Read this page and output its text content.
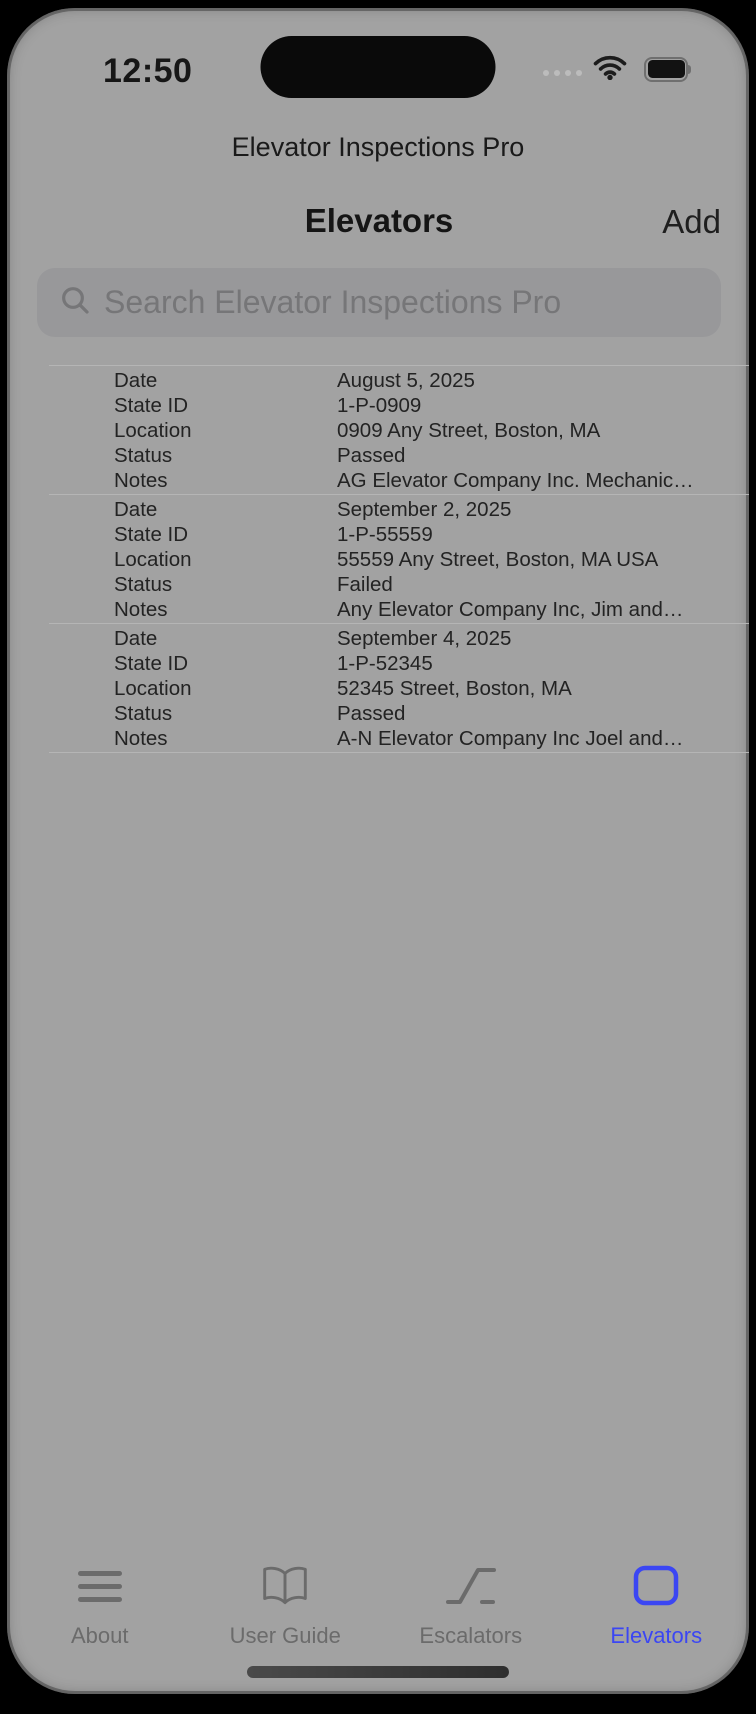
12:50
Elevator Inspections Pro
Elevators	Add
Search Elevator Inspections Pro
Date	August 5, 2025
State ID	1-P-0909
Location	0909 Any Street, Boston, MA
Status	Passed
Notes	AG Elevator Company Inc. Mechanic…
Date	September 2, 2025
State ID	1-P-55559
Location	55559 Any Street, Boston, MA USA
Status	Failed
Notes	Any Elevator Company Inc, Jim and…
Date	September 4, 2025
State ID	1-P-52345
Location	52345 Street, Boston, MA
Status	Passed
Notes	A-N Elevator Company Inc Joel and…
About	User Guide	Escalators	Elevators
